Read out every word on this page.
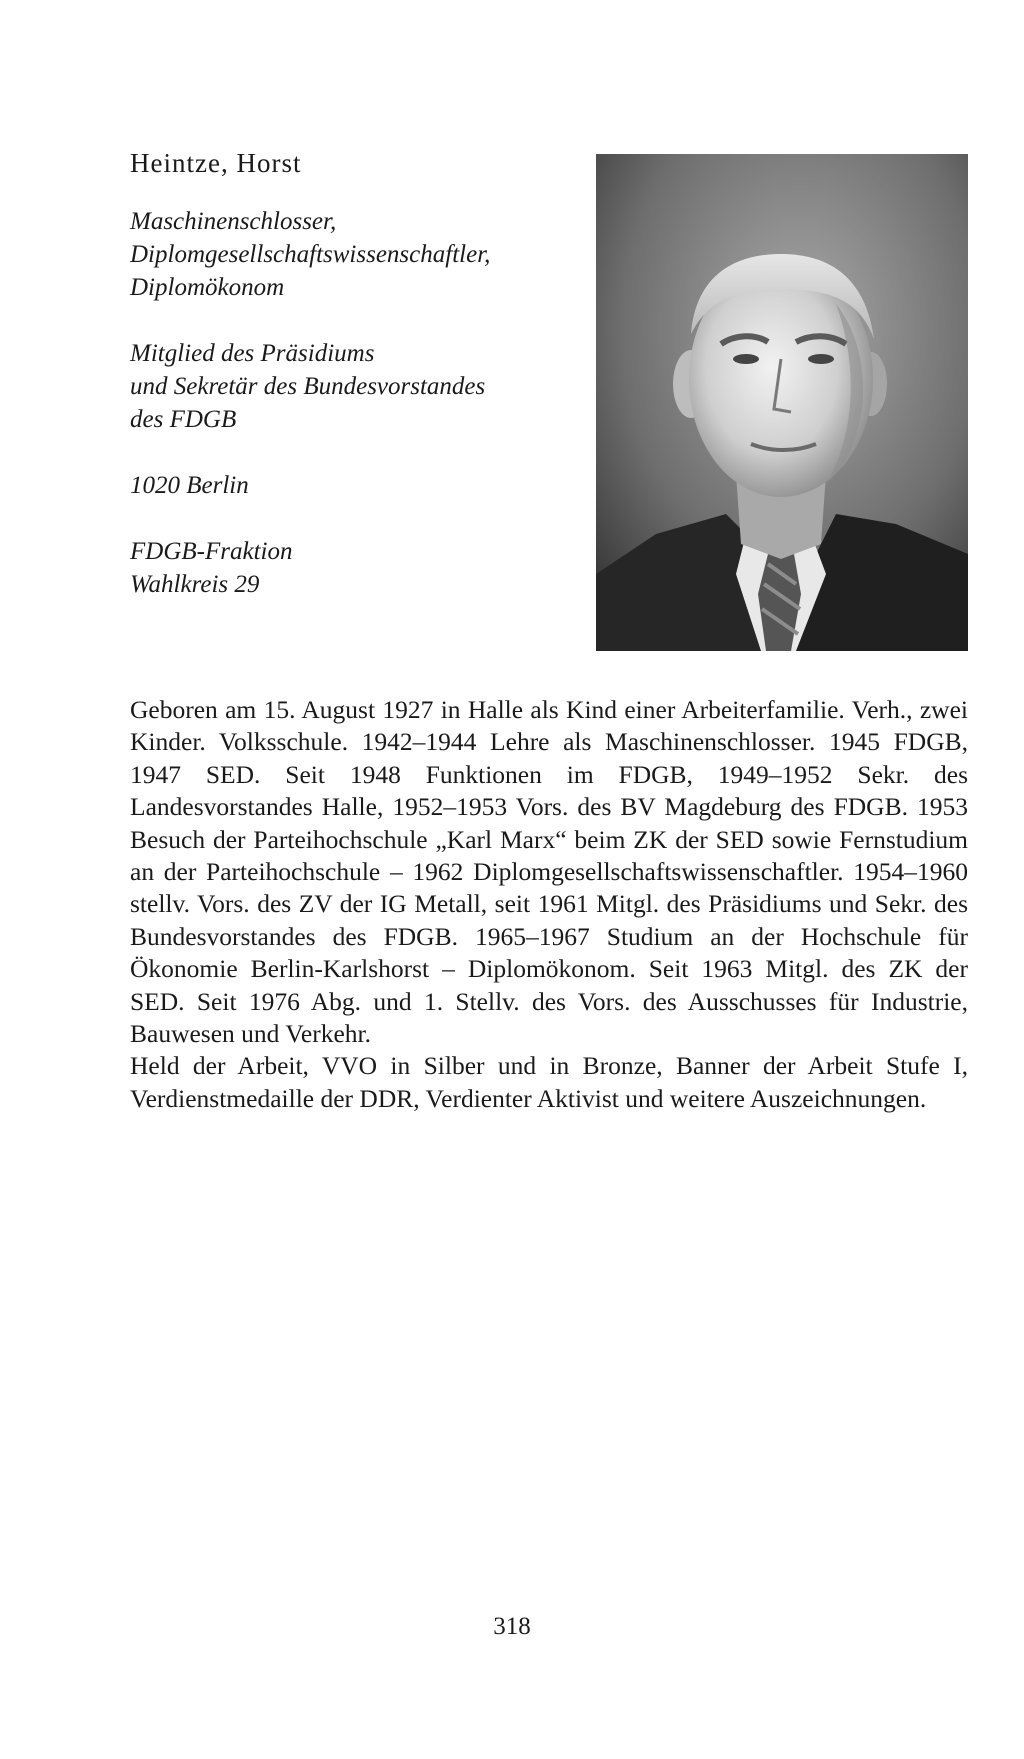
Heintze, Horst
Maschinenschlosser,
Diplomgesellschaftswissenschaftler,
Diplomökonom
Mitglied des Präsidiums
und Sekretär des Bundesvorstandes
des FDGB
1020 Berlin
FDGB-Fraktion
Wahlkreis 29

Geboren am 15. August 1927 in Halle als Kind einer Arbeiterfamilie. Verh., zwei Kinder. Volksschule. 1942–1944 Lehre als Maschinenschlosser. 1945 FDGB, 1947 SED. Seit 1948 Funktionen im FDGB, 1949–1952 Sekr. des Landesvorstandes Halle, 1952–1953 Vors. des BV Magdeburg des FDGB. 1953 Besuch der Parteihochschule „Karl Marx“ beim ZK der SED sowie Fernstudium an der Parteihochschule – 1962 Diplomgesellschaftswissenschaftler. 1954–1960 stellv. Vors. des ZV der IG Metall, seit 1961 Mitgl. des Präsidiums und Sekr. des Bundesvorstandes des FDGB. 1965–1967 Studium an der Hochschule für Ökonomie Berlin-Karlshorst – Diplomökonom. Seit 1963 Mitgl. des ZK der SED. Seit 1976 Abg. und 1. Stellv. des Vors. des Ausschusses für Industrie, Bauwesen und Verkehr.

Held der Arbeit, VVO in Silber und in Bronze, Banner der Arbeit Stufe I, Verdienstmedaille der DDR, Verdienter Aktivist und weitere Auszeichnungen.

318
